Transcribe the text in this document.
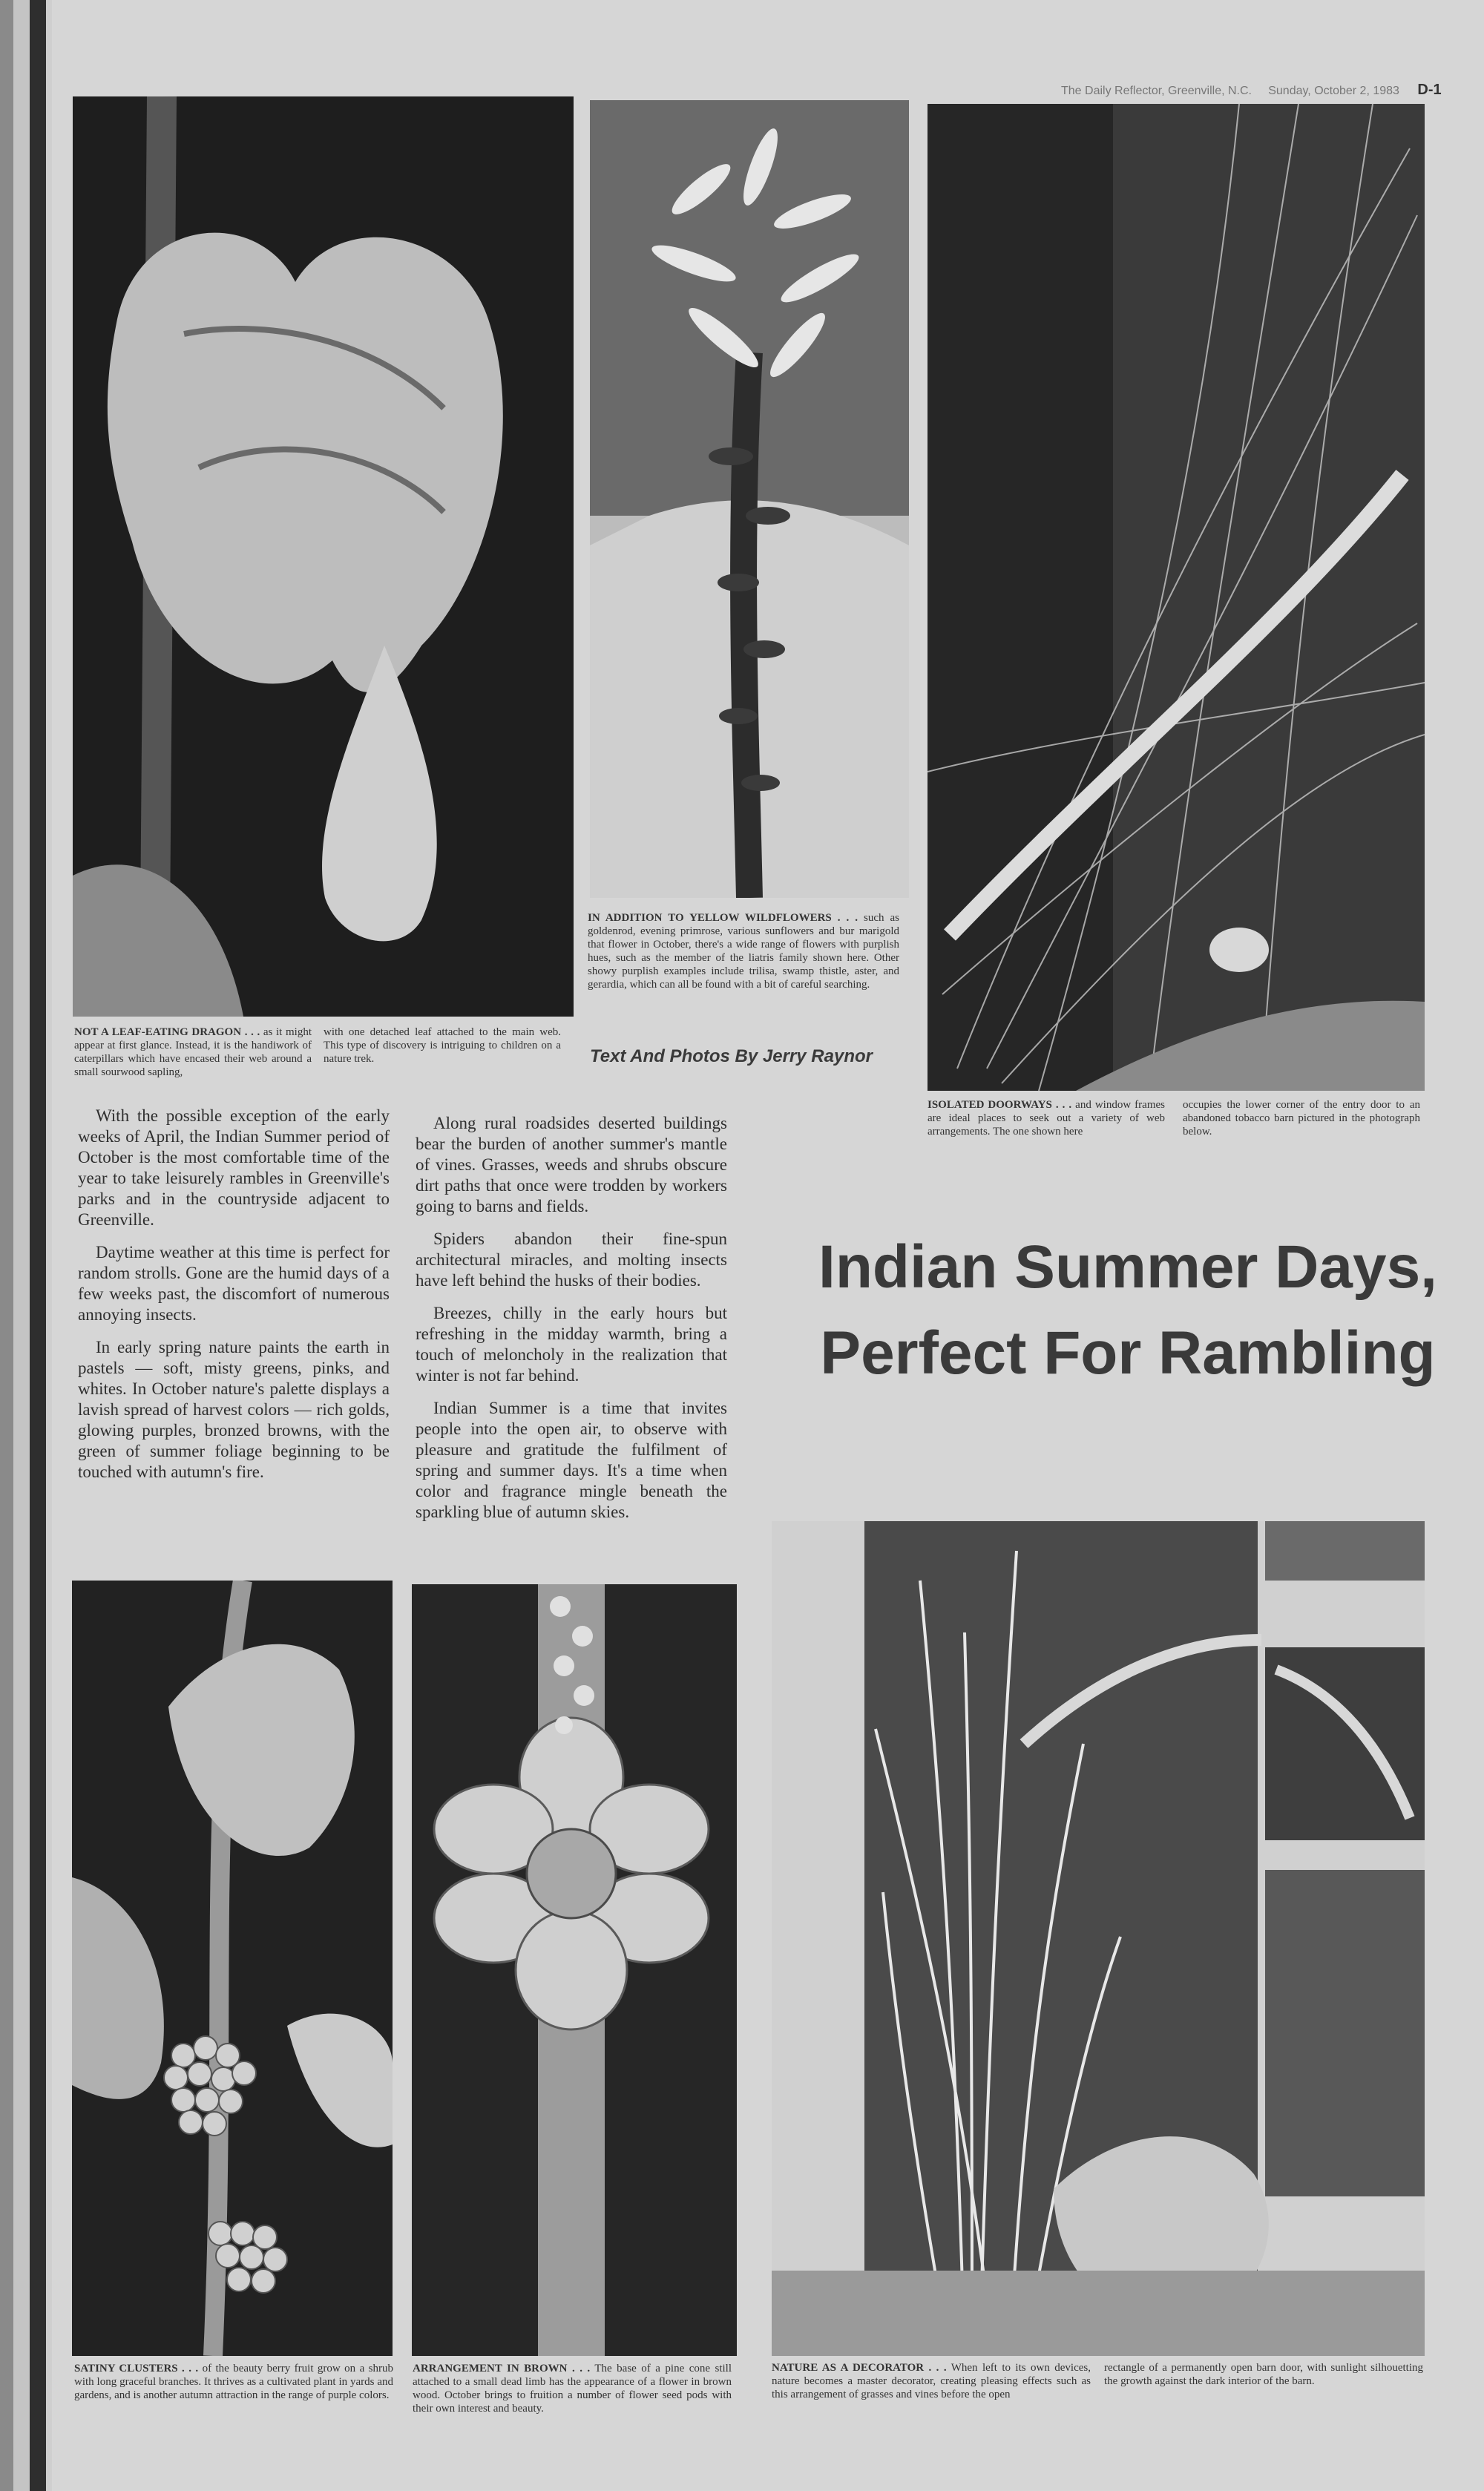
The Daily Reflector, Greenville, N.C. Sunday, October 2, 1983 D-1
NOT A LEAF-EATING DRAGON . . . as it might appear at first glance. Instead, it is the handiwork of caterpillars which have encased their web around a small sourwood sapling,
with one detached leaf attached to the main web. This type of discovery is intriguing to children on a nature trek.
IN ADDITION TO YELLOW WILDFLOWERS . . . such as goldenrod, evening primrose, various sunflowers and bur marigold that flower in October, there's a wide range of flowers with purplish hues, such as the member of the liatris family shown here. Other showy purplish examples include trilisa, swamp thistle, aster, and gerardia, which can all be found with a bit of careful searching.
Text And Photos By Jerry Raynor
ISOLATED DOORWAYS . . . and window frames are ideal places to seek out a variety of web arrangements. The one shown here
occupies the lower corner of the entry door to an abandoned tobacco barn pictured in the photograph below.

With the possible exception of the early weeks of April, the Indian Summer period of October is the most comfortable time of the year to take leisurely rambles in Greenville's parks and in the countryside adjacent to Greenville.

Daytime weather at this time is perfect for random strolls. Gone are the humid days of a few weeks past, the discomfort of numerous annoying insects.

In early spring nature paints the earth in pastels — soft, misty greens, pinks, and whites. In October nature's palette displays a lavish spread of harvest colors — rich golds, glowing purples, bronzed browns, with the green of summer foliage beginning to be touched with autumn's fire.

Along rural roadsides deserted buildings bear the burden of another summer's mantle of vines. Grasses, weeds and shrubs obscure dirt paths that once were trodden by workers going to barns and fields.

Spiders abandon their fine-spun architectural miracles, and molting insects have left behind the husks of their bodies.

Breezes, chilly in the early hours but refreshing in the midday warmth, bring a touch of meloncholy in the realization that winter is not far behind.

Indian Summer is a time that invites people into the open air, to observe with pleasure and gratitude the fulfilment of spring and summer days. It's a time when color and fragrance mingle beneath the sparkling blue of autumn skies.

Indian Summer Days,
Perfect For Rambling
SATINY CLUSTERS . . . of the beauty berry fruit grow on a shrub with long graceful branches. It thrives as a cultivated plant in yards and gardens, and is another autumn attraction in the range of purple colors.
ARRANGEMENT IN BROWN . . . The base of a pine cone still attached to a small dead limb has the appearance of a flower in brown wood. October brings to fruition a number of flower seed pods with their own interest and beauty.
NATURE AS A DECORATOR . . . When left to its own devices, nature becomes a master decorator, creating pleasing effects such as this arrangement of grasses and vines before the open
rectangle of a permanently open barn door, with sunlight silhouetting the growth against the dark interior of the barn.
